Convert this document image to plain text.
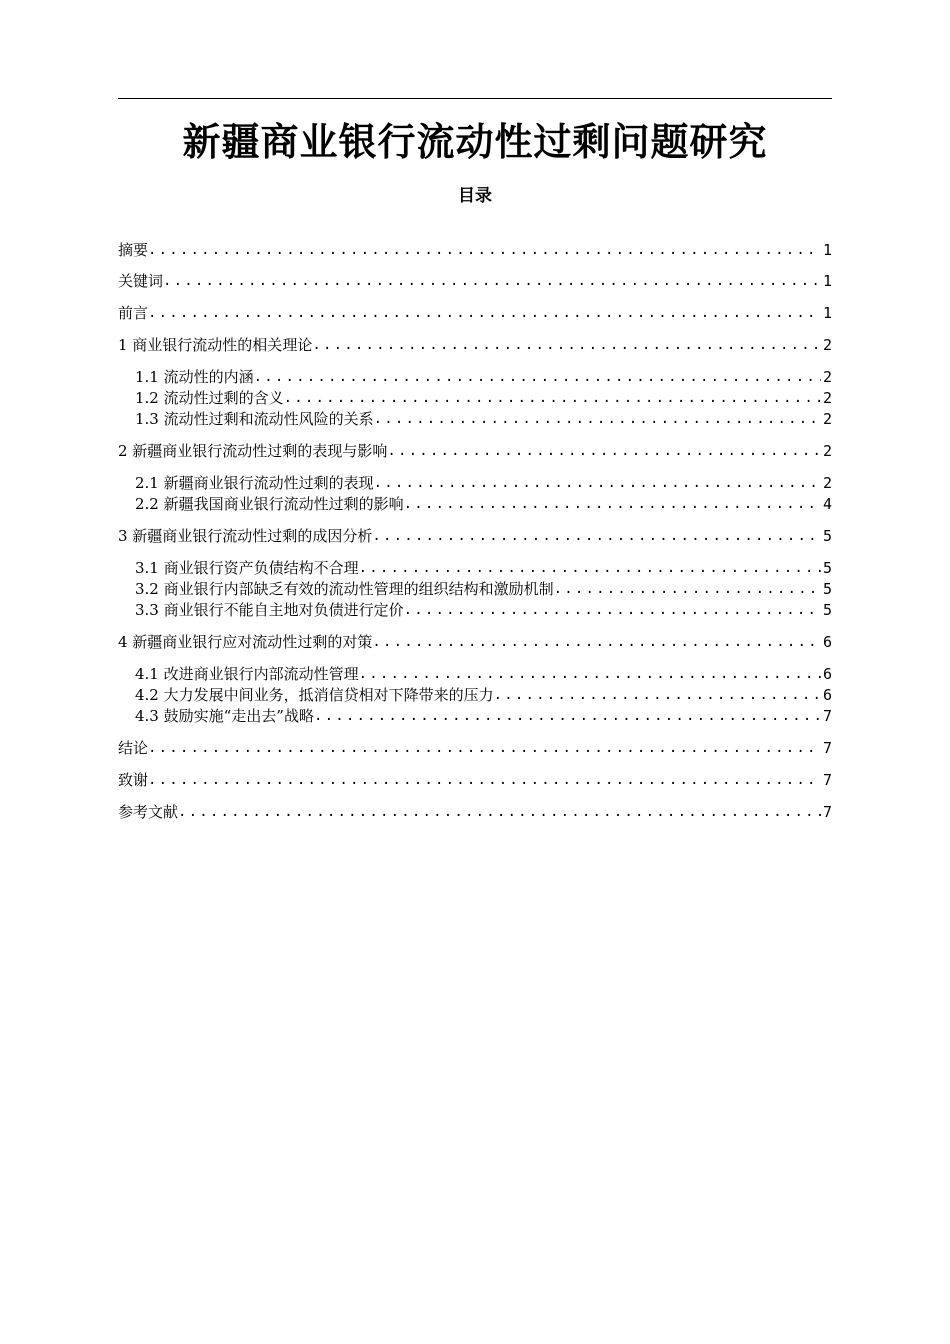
新疆商业银行流动性过剩问题研究
目录
摘要 .....	1
关键词 .....	1
前言 .....	1
1 商业银行流动性的相关理论 .....	2
1.1 流动性的内涵 .....	2
1.2 流动性过剩的含义 .....	2
1.3 流动性过剩和流动性风险的关系 .....	2
2 新疆商业银行流动性过剩的表现与影响 .....	2
2.1 新疆商业银行流动性过剩的表现 .....	2
2.2 新疆我国商业银行流动性过剩的影响 .....	4
3 新疆商业银行流动性过剩的成因分析 .....	5
3.1 商业银行资产负债结构不合理 .....	5
3.2 商业银行内部缺乏有效的流动性管理的组织结构和激励机制 .....	5
3.3 商业银行不能自主地对负债进行定价 .....	5
4 新疆商业银行应对流动性过剩的对策 .....	6
4.1 改进商业银行内部流动性管理 .....	6
4.2 大力发展中间业务，抵消信贷相对下降带来的压力 .....	6
4.3 鼓励实施“走出去”战略 .....	7
结论 .....	7
致谢 .....	7
参考文献 .....	7
